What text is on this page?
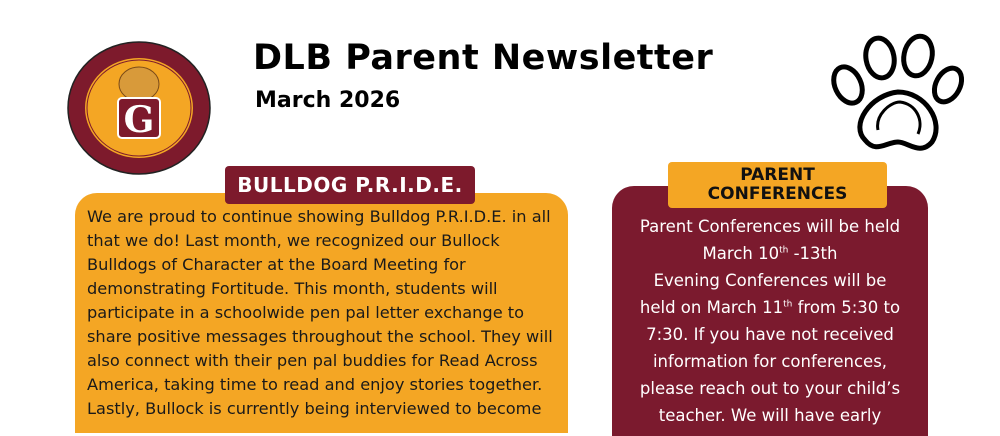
G
DLB Parent Newsletter
March 2026
We are proud to continue showing Bulldog P.R.I.D.E. in all
that we do! Last month, we recognized our Bullock
Bulldogs of Character at the Board Meeting for
demonstrating Fortitude. This month, students will
participate in a schoolwide pen pal letter exchange to
share positive messages throughout the school. They will
also connect with their pen pal buddies for Read Across
America, taking time to read and enjoy stories together.
Lastly, Bullock is currently being interviewed to become
BULLDOG P.R.I.D.E.
Parent Conferences will be held
March 10th -13th
Evening Conferences will be
held on March 11th from 5:30 to
7:30. If you have not received
information for conferences,
please reach out to your child’s
teacher. We will have early
PARENT
CONFERENCES
